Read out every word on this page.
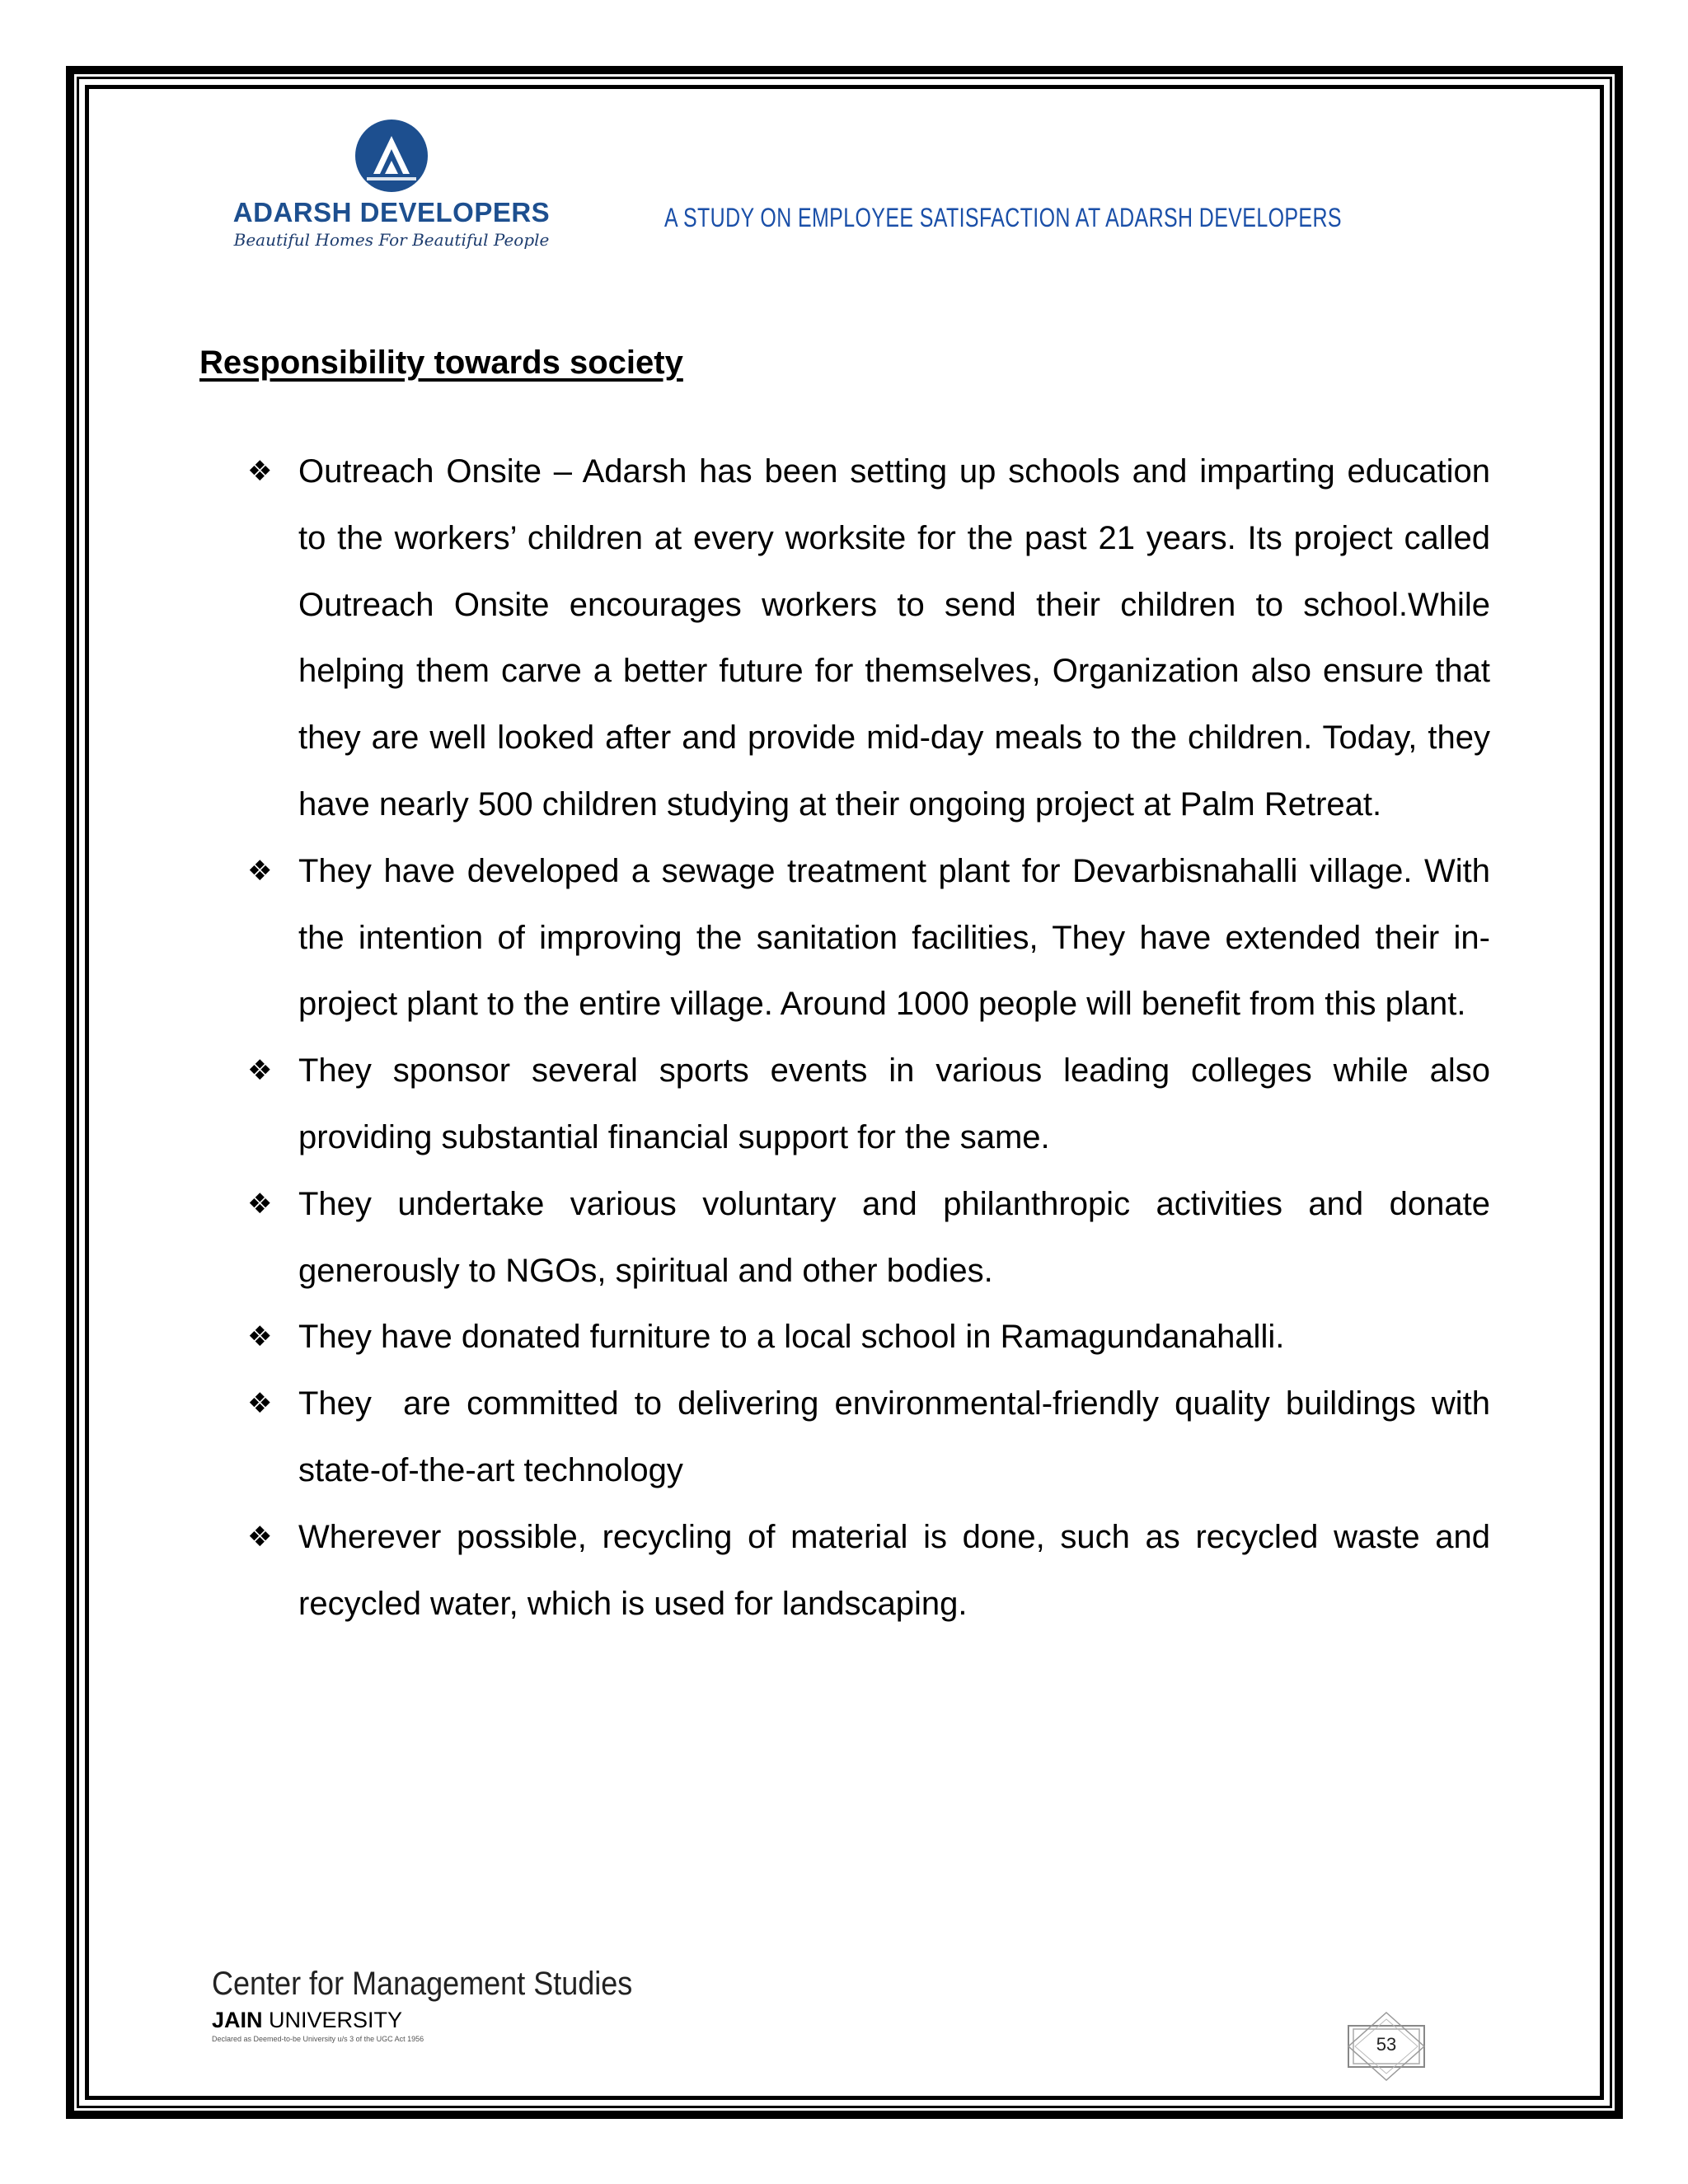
ADARSH DEVELOPERS
Beautiful Homes For Beautiful People
A STUDY ON EMPLOYEE SATISFACTION AT ADARSH DEVELOPERS
Responsibility towards society
❖ Outreach Onsite – Adarsh has been setting up schools and imparting education to the workers’ children at every worksite for the past 21 years. Its project called Outreach Onsite encourages workers to send their children to school.While helping them carve a better future for themselves, Organization also ensure that they are well looked after and provide mid-day meals to the children. Today, they have nearly 500 children studying at their ongoing project at Palm Retreat.
❖ They have developed a sewage treatment plant for Devarbisnahalli village. With the intention of improving the sanitation facilities, They have extended their in-project plant to the entire village. Around 1000 people will benefit from this plant.
❖ They sponsor several sports events in various leading colleges while also providing substantial financial support for the same.
❖ They undertake various voluntary and philanthropic activities and donate generously to NGOs, spiritual and other bodies.
❖ They have donated furniture to a local school in Ramagundanahalli.
❖ They  are committed to delivering environmental-friendly quality buildings with state-of-the-art technology
❖ Wherever possible, recycling of material is done, such as recycled waste and recycled water, which is used for landscaping.
Center for Management Studies
JAIN UNIVERSITY
Declared as Deemed-to-be University u/s 3 of the UGC Act 1956	53
